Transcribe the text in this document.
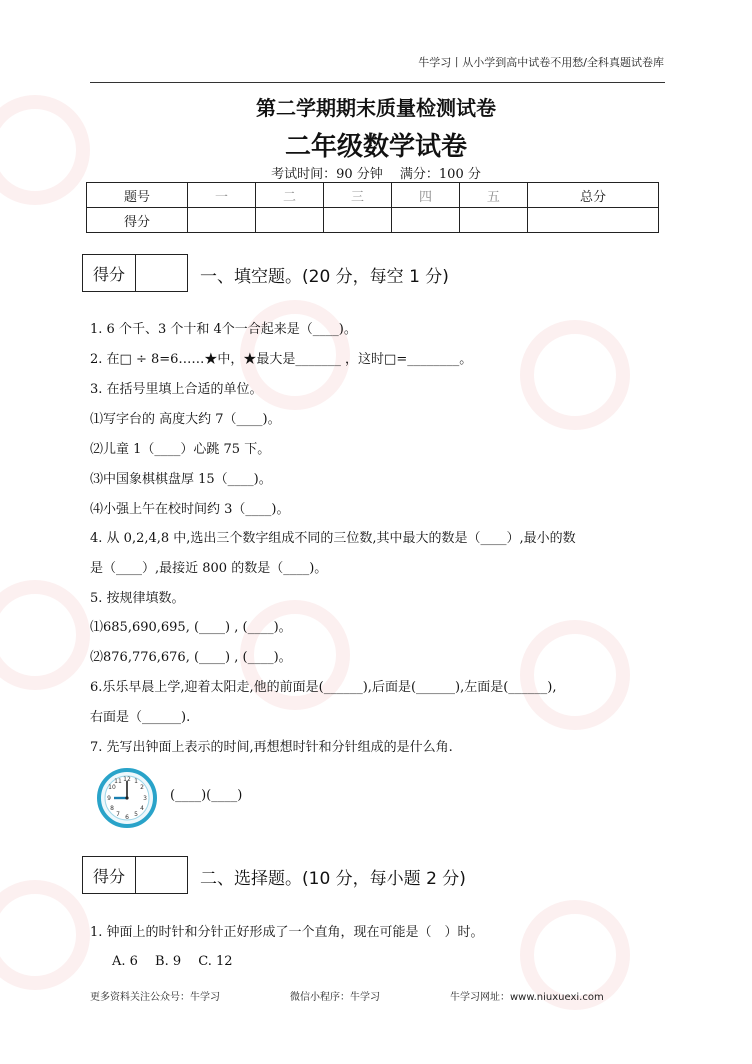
牛学习丨从小学到高中试卷不用愁/全科真题试卷库
第二学期期末质量检测试卷
二年级数学试卷
考试时间：90 分钟　 满分：100 分
题号	一	二	三	四	五	总分
得分						
得分	一、填空题。(20 分，每空 1 分)
1. 6 个千、3 个十和 4个一合起来是（____)。
2. 在□ ÷ 8=6……★中，★最大是_______ ，这时□=________。
3. 在括号里填上合适的单位。
⑴写字台的 高度大约 7（____)。
⑵儿童 1（____）心跳 75 下。
⑶中国象棋棋盘厚 15（____)。
⑷小强上午在校时间约 3（____)。
4. 从 0,2,4,8 中,选出三个数字组成不同的三位数,其中最大的数是（____）,最小的数
是（____）,最接近 800 的数是（____)。
5. 按规律填数。
⑴685,690,695, (____) , (____)。
⑵876,776,676, (____) , (____)。
6.乐乐早晨上学,迎着太阳走,他的前面是(______),后面是(______),左面是(______),
右面是（______).
7. 先写出钟面上表示的时间,再想想时针和分针组成的是什么角.
12 1
2
3
4
5
6
7
8
9
10
11
(____)(____)
得分	二、选择题。(10 分，每小题 2 分)
1. 钟面上的时针和分针正好形成了一个直角，现在可能是（　）时。
A. 6　 B. 9　 C. 12
更多资料关注公众号：牛学习	微信小程序：牛学习	牛学习网址：www.niuxuexi.com
